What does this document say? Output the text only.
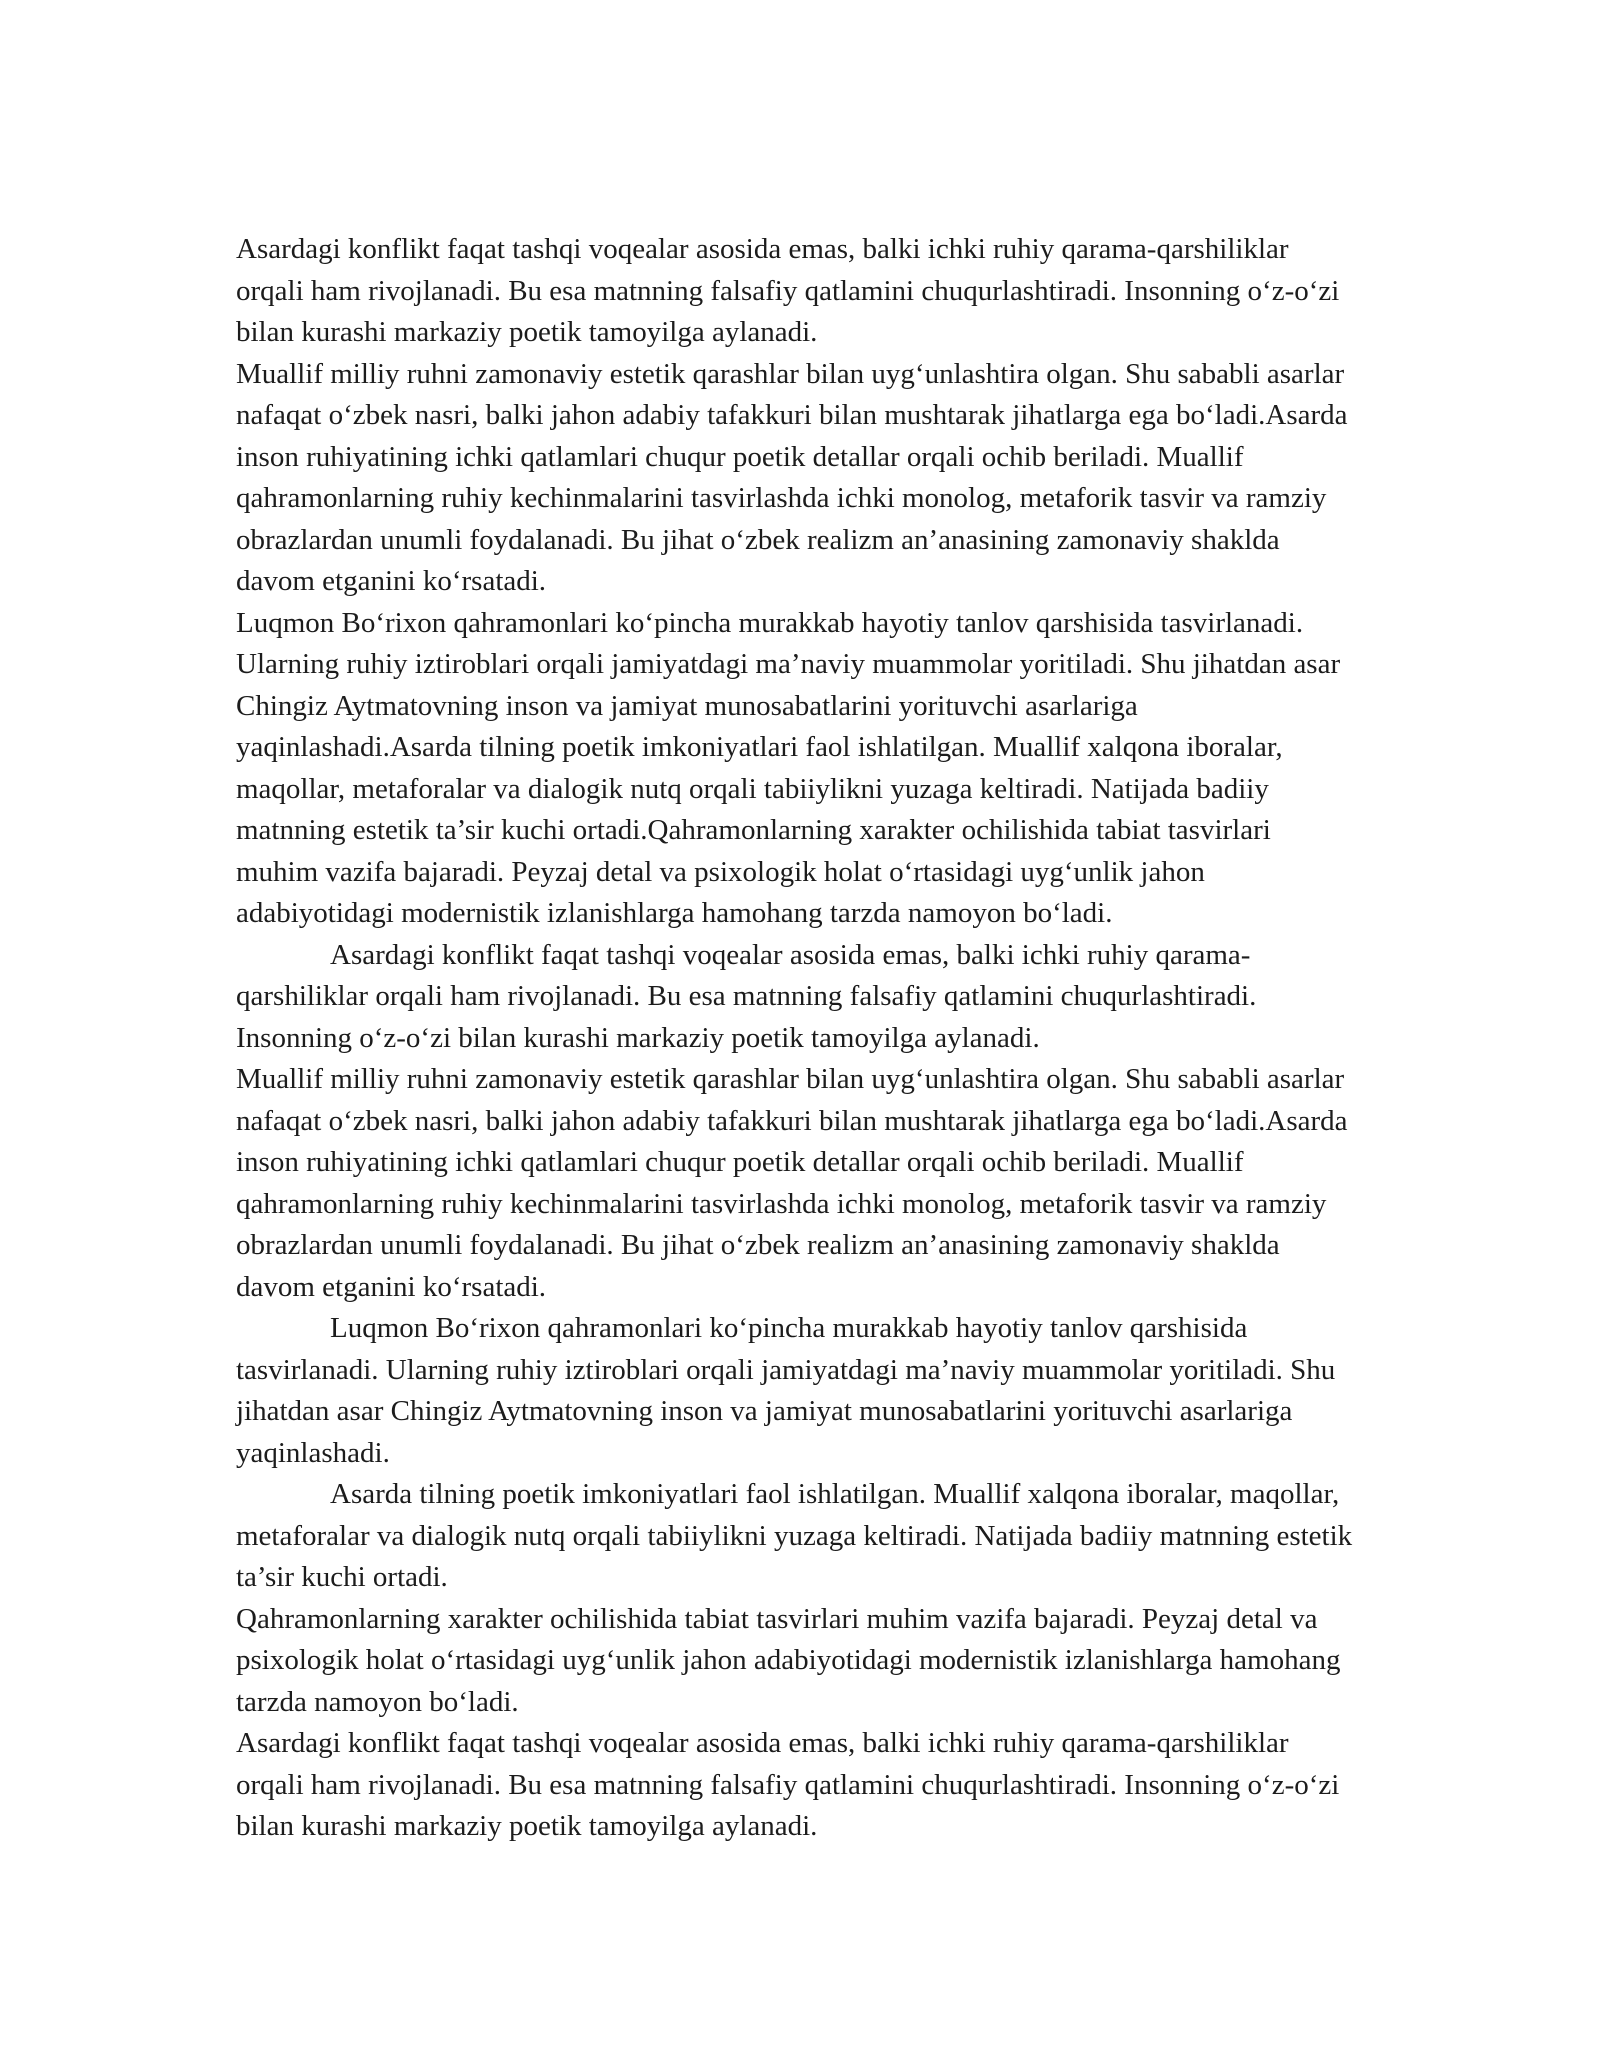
Asardagi konflikt faqat tashqi voqealar asosida emas, balki ichki ruhiy qarama-qarshiliklar orqali ham rivojlanadi. Bu esa matnning falsafiy qatlamini chuqurlashtiradi. Insonning o‘z-o‘zi bilan kurashi markaziy poetik tamoyilga aylanadi.

Muallif milliy ruhni zamonaviy estetik qarashlar bilan uyg‘unlashtira olgan. Shu sababli asarlar nafaqat o‘zbek nasri, balki jahon adabiy tafakkuri bilan mushtarak jihatlarga ega bo‘ladi.Asarda inson ruhiyatining ichki qatlamlari chuqur poetik detallar orqali ochib beriladi. Muallif qahramonlarning ruhiy kechinmalarini tasvirlashda ichki monolog, metaforik tasvir va ramziy obrazlardan unumli foydalanadi. Bu jihat o‘zbek realizm an’anasining zamonaviy shaklda davom etganini ko‘rsatadi.

Luqmon Bo‘rixon qahramonlari ko‘pincha murakkab hayotiy tanlov qarshisida tasvirlanadi. Ularning ruhiy iztiroblari orqali jamiyatdagi ma’naviy muammolar yoritiladi. Shu jihatdan asar Chingiz Aytmatovning inson va jamiyat munosabatlarini yorituvchi asarlariga yaqinlashadi.Asarda tilning poetik imkoniyatlari faol ishlatilgan. Muallif xalqona iboralar, maqollar, metaforalar va dialogik nutq orqali tabiiylikni yuzaga keltiradi. Natijada badiiy matnning estetik ta’sir kuchi ortadi.Qahramonlarning xarakter ochilishida tabiat tasvirlari muhim vazifa bajaradi. Peyzaj detal va psixologik holat o‘rtasidagi uyg‘unlik jahon adabiyotidagi modernistik izlanishlarga hamohang tarzda namoyon bo‘ladi.

Asardagi konflikt faqat tashqi voqealar asosida emas, balki ichki ruhiy qarama-qarshiliklar orqali ham rivojlanadi. Bu esa matnning falsafiy qatlamini chuqurlashtiradi. Insonning o‘z-o‘zi bilan kurashi markaziy poetik tamoyilga aylanadi.

Muallif milliy ruhni zamonaviy estetik qarashlar bilan uyg‘unlashtira olgan. Shu sababli asarlar nafaqat o‘zbek nasri, balki jahon adabiy tafakkuri bilan mushtarak jihatlarga ega bo‘ladi.Asarda inson ruhiyatining ichki qatlamlari chuqur poetik detallar orqali ochib beriladi. Muallif qahramonlarning ruhiy kechinmalarini tasvirlashda ichki monolog, metaforik tasvir va ramziy obrazlardan unumli foydalanadi. Bu jihat o‘zbek realizm an’anasining zamonaviy shaklda davom etganini ko‘rsatadi.

Luqmon Bo‘rixon qahramonlari ko‘pincha murakkab hayotiy tanlov qarshisida tasvirlanadi. Ularning ruhiy iztiroblari orqali jamiyatdagi ma’naviy muammolar yoritiladi. Shu jihatdan asar Chingiz Aytmatovning inson va jamiyat munosabatlarini yorituvchi asarlariga yaqinlashadi.

Asarda tilning poetik imkoniyatlari faol ishlatilgan. Muallif xalqona iboralar, maqollar, metaforalar va dialogik nutq orqali tabiiylikni yuzaga keltiradi. Natijada badiiy matnning estetik ta’sir kuchi ortadi.

Qahramonlarning xarakter ochilishida tabiat tasvirlari muhim vazifa bajaradi. Peyzaj detal va psixologik holat o‘rtasidagi uyg‘unlik jahon adabiyotidagi modernistik izlanishlarga hamohang tarzda namoyon bo‘ladi.

Asardagi konflikt faqat tashqi voqealar asosida emas, balki ichki ruhiy qarama-qarshiliklar orqali ham rivojlanadi. Bu esa matnning falsafiy qatlamini chuqurlashtiradi. Insonning o‘z-o‘zi bilan kurashi markaziy poetik tamoyilga aylanadi.
